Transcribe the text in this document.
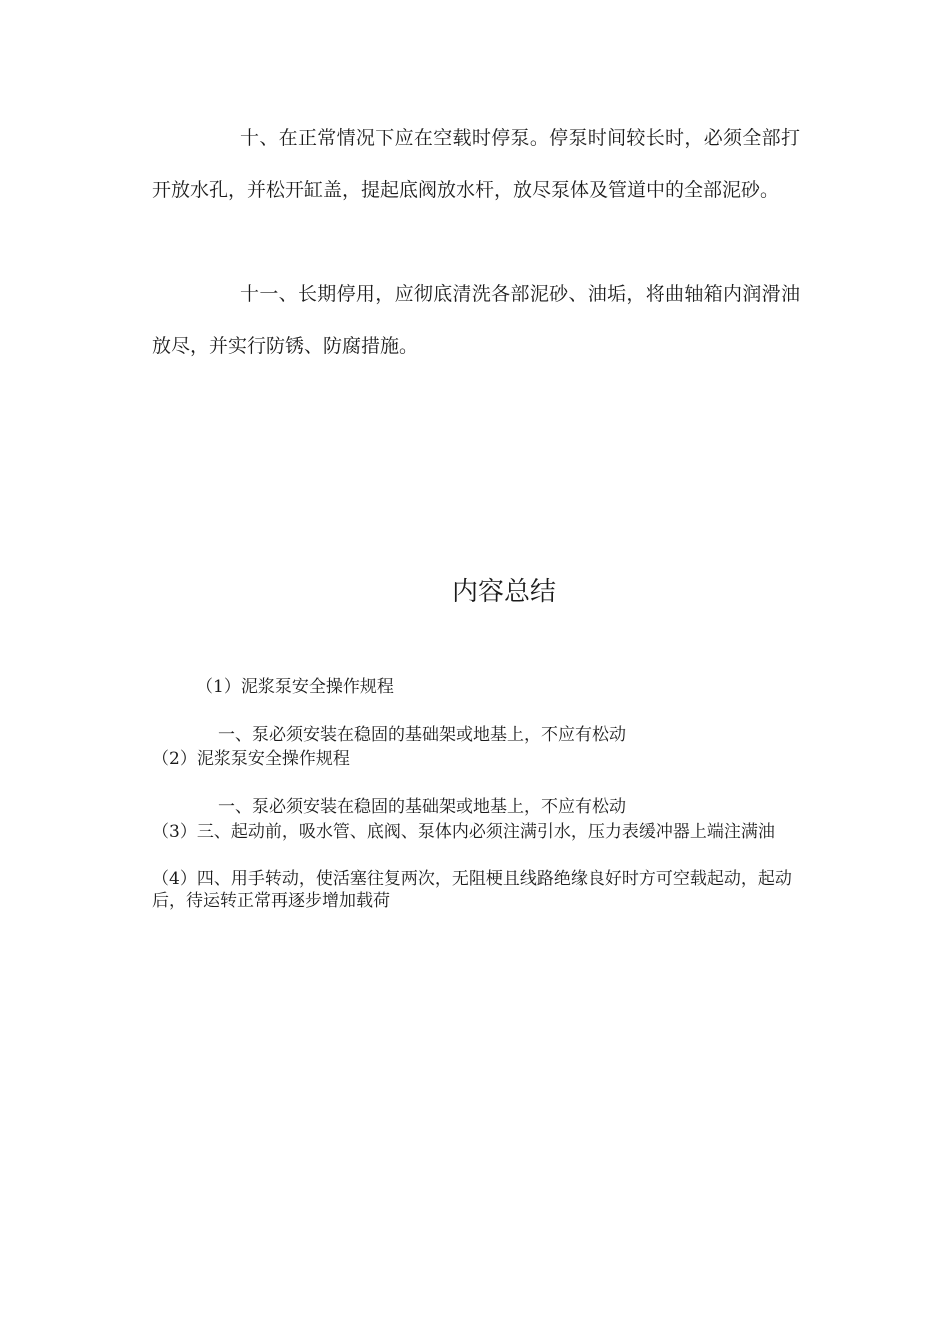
十、在正常情况下应在空载时停泵。停泵时间较长时，必须全部打开放水孔，并松开缸盖，提起底阀放水杆，放尽泵体及管道中的全部泥砂。

十一、长期停用，应彻底清洗各部泥砂、油垢，将曲轴箱内润滑油放尽，并实行防锈、防腐措施。

内容总结

（1）泥浆泵安全操作规程

一、泵必须安装在稳固的基础架或地基上，不应有松动

（2）泥浆泵安全操作规程

一、泵必须安装在稳固的基础架或地基上，不应有松动

（3）三、起动前，吸水管、底阀、泵体内必须注满引水，压力表缓冲器上端注满油

（4）四、用手转动，使活塞往复两次，无阻梗且线路绝缘良好时方可空载起动，起动后，待运转正常再逐步增加载荷
